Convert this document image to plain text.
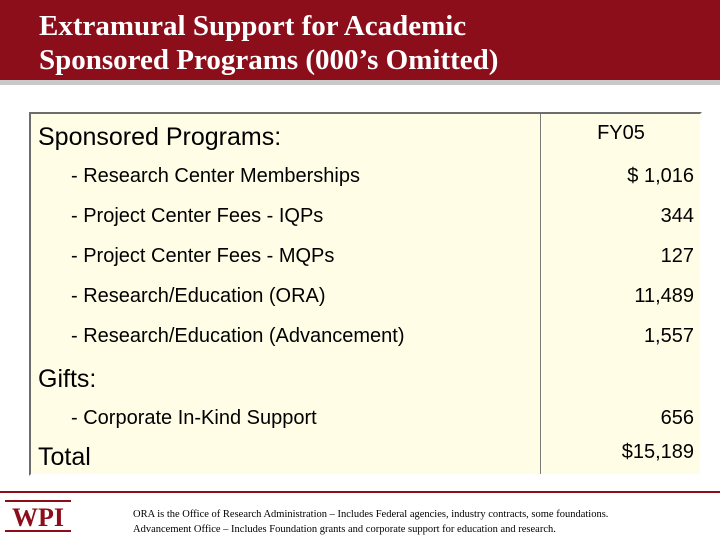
Extramural Support for Academic
Sponsored Programs (000’s Omitted)
FY05
Sponsored Programs:
- Research Center Memberships	$ 1,016
- Project Center Fees - IQPs	344
- Project Center Fees - MQPs	127
- Research/Education (ORA)	11,489
- Research/Education (Advancement)	1,557
Gifts:
- Corporate In-Kind Support	656
Total	$15,189
WPI	ORA is the Office of Research Administration – Includes Federal agencies, industry contracts, some foundations.
Advancement Office – Includes Foundation grants and corporate support for education and research.
